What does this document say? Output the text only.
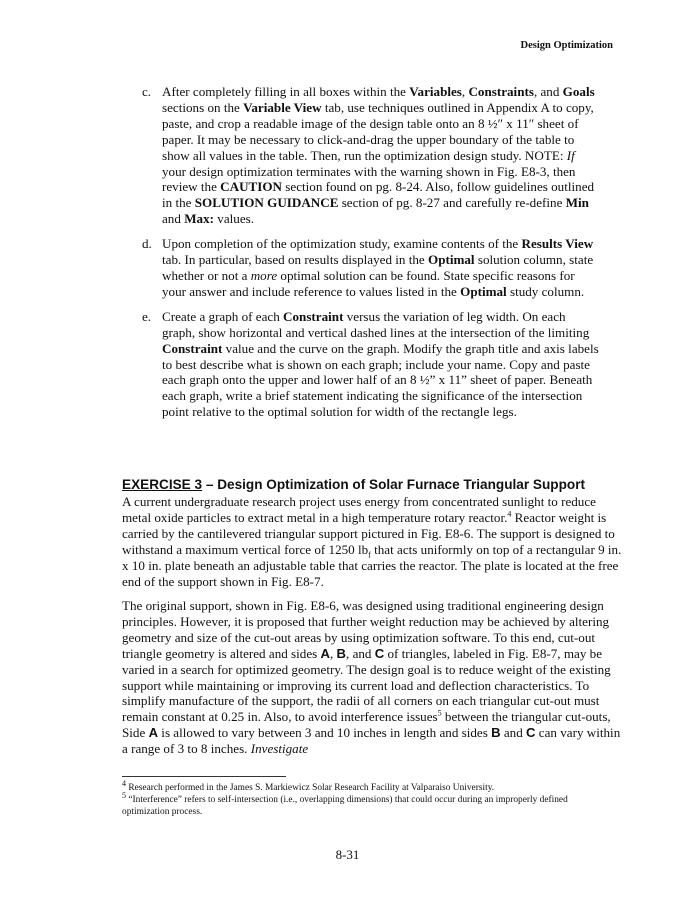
Design Optimization
c. After completely filling in all boxes within the Variables, Constraints, and Goals sections on the Variable View tab, use techniques outlined in Appendix A to copy, paste, and crop a readable image of the design table onto an 8 ½″ x 11″ sheet of paper. It may be necessary to click-and-drag the upper boundary of the table to show all values in the table. Then, run the optimization design study. NOTE: If your design optimization terminates with the warning shown in Fig. E8-3, then review the CAUTION section found on pg. 8-24. Also, follow guidelines outlined in the SOLUTION GUIDANCE section of pg. 8-27 and carefully re-define Min and Max: values.
d. Upon completion of the optimization study, examine contents of the Results View tab. In particular, based on results displayed in the Optimal solution column, state whether or not a more optimal solution can be found. State specific reasons for your answer and include reference to values listed in the Optimal study column.
e. Create a graph of each Constraint versus the variation of leg width. On each graph, show horizontal and vertical dashed lines at the intersection of the limiting Constraint value and the curve on the graph. Modify the graph title and axis labels to best describe what is shown on each graph; include your name. Copy and paste each graph onto the upper and lower half of an 8 ½” x 11” sheet of paper. Beneath each graph, write a brief statement indicating the significance of the intersection point relative to the optimal solution for width of the rectangle legs.
EXERCISE 3 – Design Optimization of Solar Furnace Triangular Support
A current undergraduate research project uses energy from concentrated sunlight to reduce metal oxide particles to extract metal in a high temperature rotary reactor.$^4$ Reactor weight is carried by the cantilevered triangular support pictured in Fig. E8-6. The support is designed to withstand a maximum vertical force of 1250 $lb_f$ that acts uniformly on top of a rectangular 9 in. x 10 in. plate beneath an adjustable table that carries the reactor. The plate is located at the free end of the support shown in Fig. E8-7.
The original support, shown in Fig. E8-6, was designed using traditional engineering design principles. However, it is proposed that further weight reduction may be achieved by altering geometry and size of the cut-out areas by using optimization software. To this end, cut-out triangle geometry is altered and sides A, B, and C of triangles, labeled in Fig. E8-7, may be varied in a search for optimized geometry. The design goal is to reduce weight of the existing support while maintaining or improving its current load and deflection characteristics. To simplify manufacture of the support, the radii of all corners on each triangular cut-out must remain constant at 0.25 in. Also, to avoid interference issues$^5$ between the triangular cut-outs, Side A is allowed to vary between 3 and 10 inches in length and sides B and C can vary within a range of 3 to 8 inches. Investigate
$^4$ Research performed in the James S. Markiewicz Solar Research Facility at Valparaiso University.
$^5$ “Interference” refers to self-intersection (i.e., overlapping dimensions) that could occur during an improperly defined optimization process.
8-31
